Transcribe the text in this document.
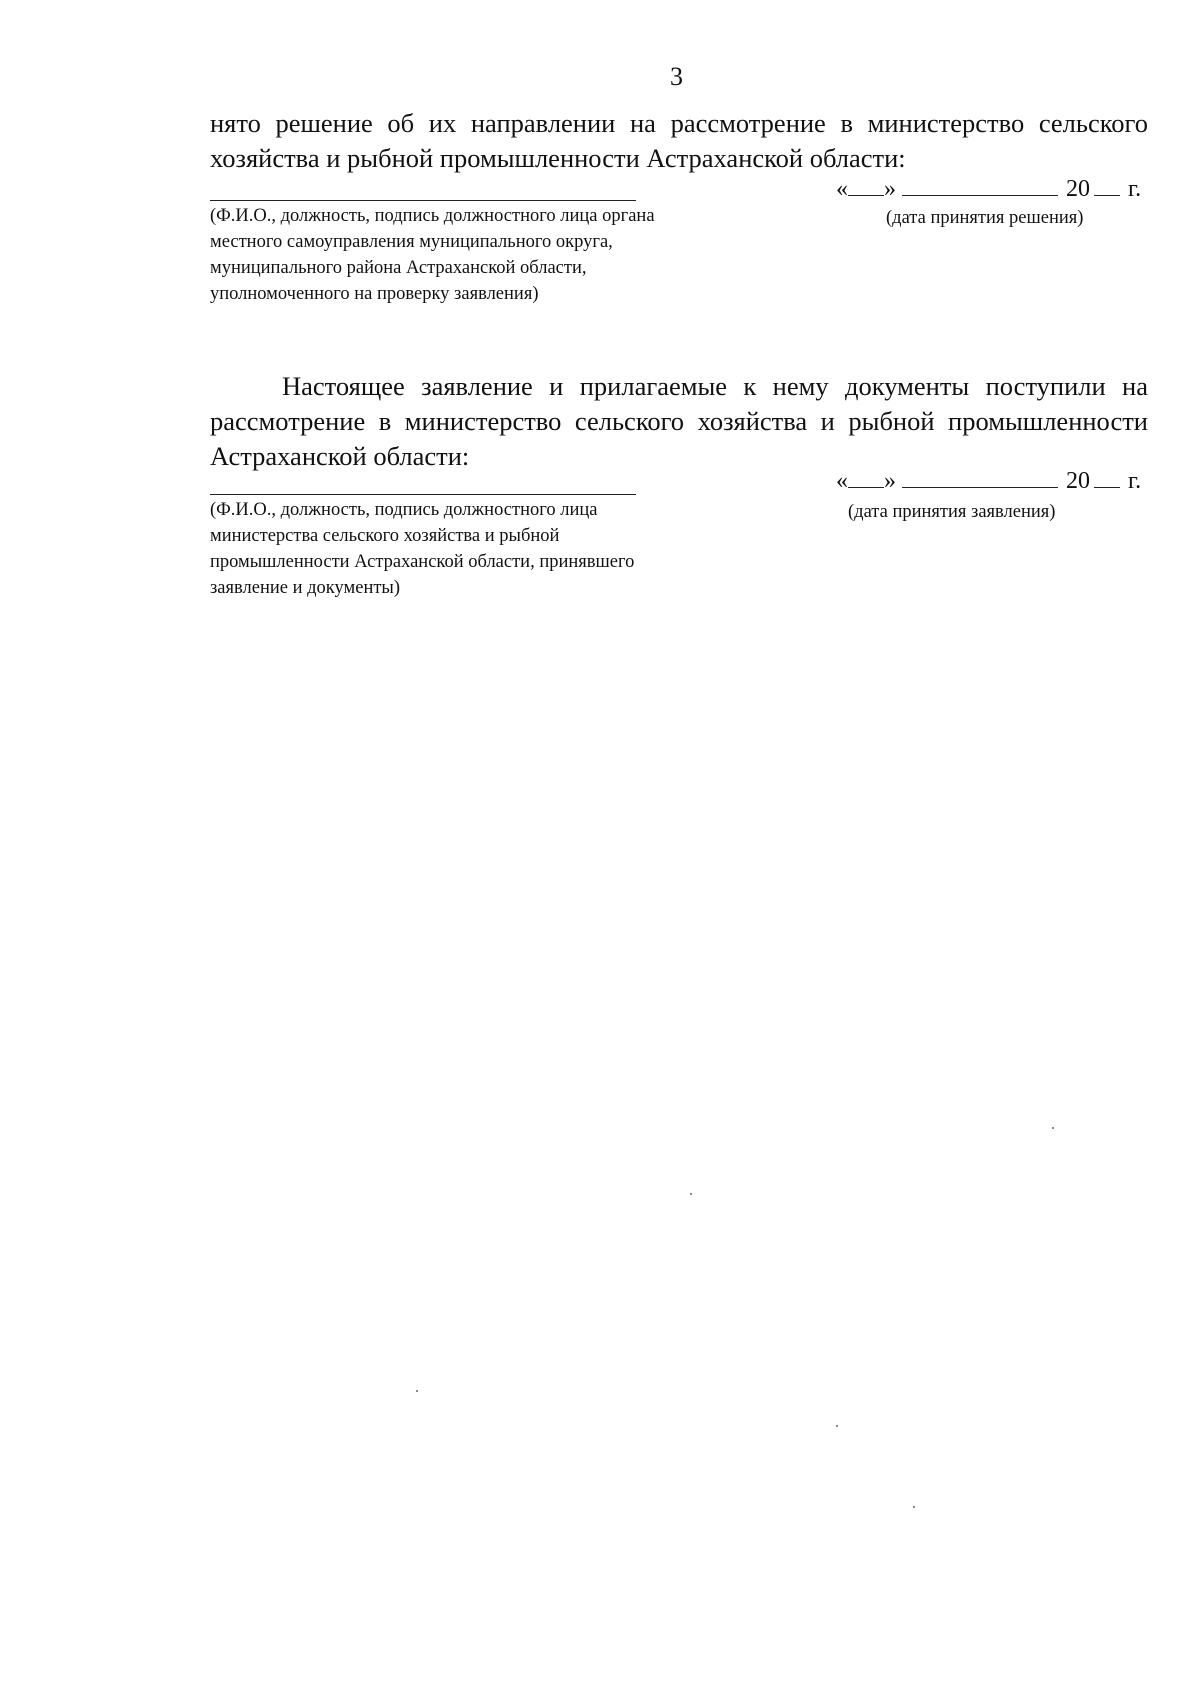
3
нято решение об их направлении на рассмотрение в министерство сельского хозяйства и рыбной промышленности Астраханской области:
(Ф.И.О., должность, подпись должностного лица органа местного самоуправления муниципального округа, муниципального района Астраханской области, уполномоченного на проверку заявления)
« »	20 г.
(дата принятия решения)
Настоящее заявление и прилагаемые к нему документы поступили на рассмотрение в министерство сельского хозяйства и рыбной промышленности Астраханской области:
(Ф.И.О., должность, подпись должностного лица министерства сельского хозяйства и рыбной промышленности Астраханской области, принявшего заявление и документы)
« »	20 г.
(дата принятия заявления)
